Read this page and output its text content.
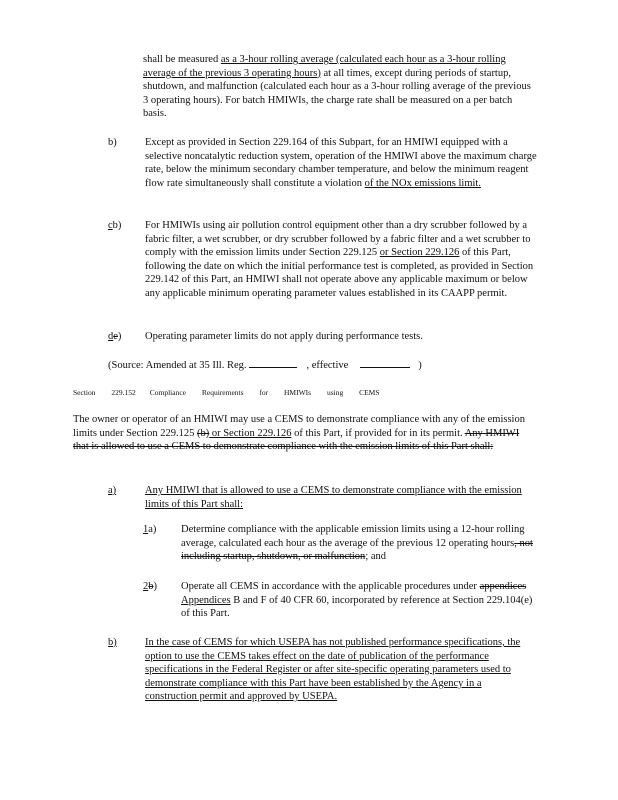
shall be measured as a 3-hour rolling average (calculated each hour as a 3-hour rolling average of the previous 3 operating hours) at all times, except during periods of startup, shutdown, and malfunction (calculated each hour as a 3-hour rolling average of the previous 3 operating hours). For batch HMIWIs, the charge rate shall be measured on a per batch basis.
b)	Except as provided in Section 229.164 of this Subpart, for an HMIWI equipped with a selective noncatalytic reduction system, operation of the HMIWI above the maximum charge rate, below the minimum secondary chamber temperature, and below the minimum reagent flow rate simultaneously shall constitute a violation of the NOx emissions limit.
cb) For HMIWIs using air pollution control equipment other than a dry scrubber followed by a fabric filter, a wet scrubber, or dry scrubber followed by a fabric filter and a wet scrubber to comply with the emission limits under Section 229.125 or Section 229.126 of this Part, following the date on which the initial performance test is completed, as provided in Section 229.142 of this Part, an HMIWI shall not operate above any applicable maximum or below any applicable minimum operating parameter values established in its CAAPP permit.
de) Operating parameter limits do not apply during performance tests.
(Source: Amended at 35 Ill. Reg.	, effective	)
Section 229.152 Compliance Requirements for HMIWIs using CEMS
The owner or operator of an HMIWI may use a CEMS to demonstrate compliance with any of the emission limits under Section 229.125 (b) or Section 229.126 of this Part, if provided for in its permit. Any HMIWI that is allowed to use a CEMS to demonstrate compliance with the emission limits of this Part shall:
a)	Any HMIWI that is allowed to use a CEMS to demonstrate compliance with the emission limits of this Part shall:
1a) Determine compliance with the applicable emission limits using a 12-hour rolling average, calculated each hour as the average of the previous 12 operating hours, not including startup, shutdown, or malfunction; and
2b) Operate all CEMS in accordance with the applicable procedures under appendices Appendices B and F of 40 CFR 60, incorporated by reference at Section 229.104(e) of this Part.
b)	In the case of CEMS for which USEPA has not published performance specifications, the option to use the CEMS takes effect on the date of publication of the performance specifications in the Federal Register or after site-specific operating parameters used to demonstrate compliance with this Part have been established by the Agency in a construction permit and approved by USEPA.
